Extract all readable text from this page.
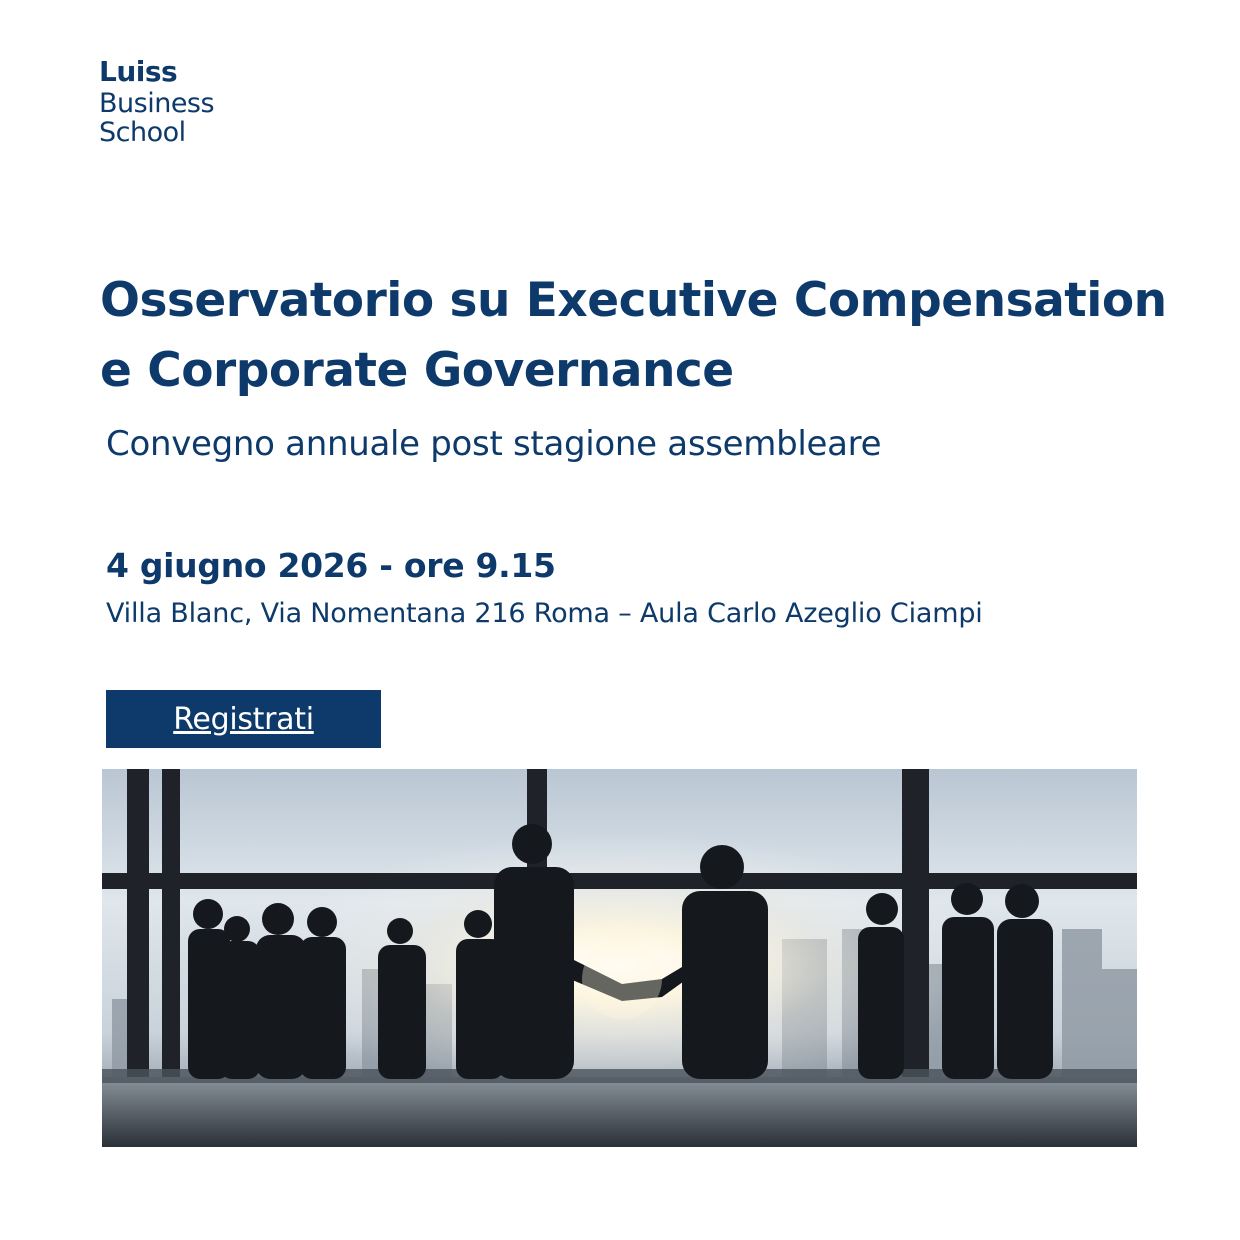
Luiss
Business
School
Osservatorio su Executive Compensation
e Corporate Governance

Convegno annuale post stagione assembleare

4 giugno 2026 - ore 9.15

Villa Blanc, Via Nomentana 216 Roma – Aula Carlo Azeglio Ciampi

Registrati
